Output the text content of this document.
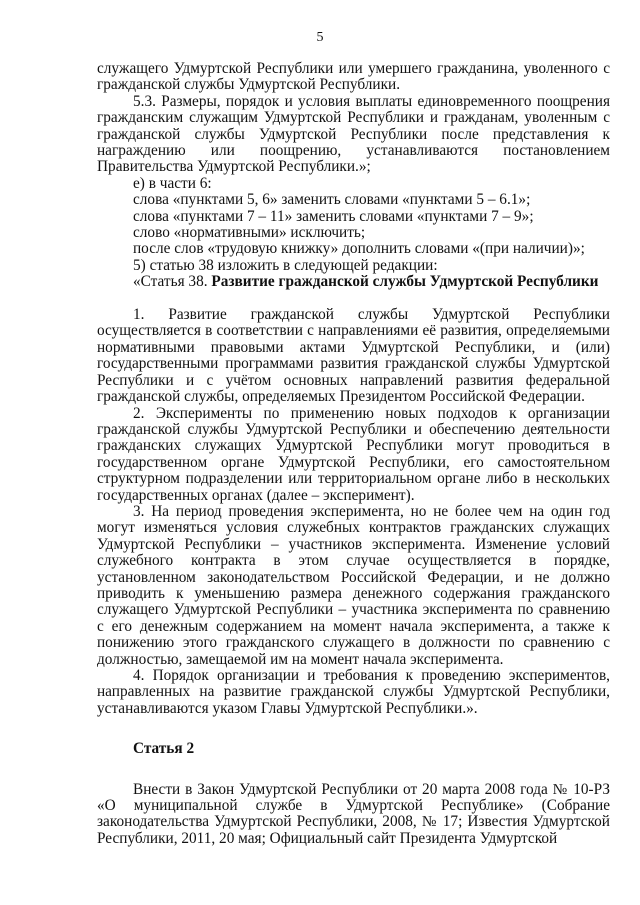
5

служащего Удмуртской Республики или умершего гражданина, уволенного с гражданской службы Удмуртской Республики.

5.3. Размеры, порядок и условия выплаты единовременного поощрения гражданским служащим Удмуртской Республики и гражданам, уволенным с гражданской службы Удмуртской Республики после представления к награждению или поощрению, устанавливаются постановлением Правительства Удмуртской Республики.»;

е) в части 6:

слова «пунктами 5, 6» заменить словами «пунктами 5 – 6.1»;

слова «пунктами 7 – 11» заменить словами «пунктами 7 – 9»;

слово «нормативными» исключить;

после слов «трудовую книжку» дополнить словами «(при наличии)»;

5) статью 38 изложить в следующей редакции:

«Статья 38. Развитие гражданской службы Удмуртской Республики

1. Развитие гражданской службы Удмуртской Республики осуществляется в соответствии с направлениями её развития, определяемыми нормативными правовыми актами Удмуртской Республики, и (или) государственными программами развития гражданской службы Удмуртской Республики и с учётом основных направлений развития федеральной гражданской службы, определяемых Президентом Российской Федерации.

2. Эксперименты по применению новых подходов к организации гражданской службы Удмуртской Республики и обеспечению деятельности гражданских служащих Удмуртской Республики могут проводиться в государственном органе Удмуртской Республики, его самостоятельном структурном подразделении или территориальном органе либо в нескольких государственных органах (далее – эксперимент).

3. На период проведения эксперимента, но не более чем на один год могут изменяться условия служебных контрактов гражданских служащих Удмуртской Республики – участников эксперимента. Изменение условий служебного контракта в этом случае осуществляется в порядке, установленном законодательством Российской Федерации, и не должно приводить к уменьшению размера денежного содержания гражданского служащего Удмуртской Республики – участника эксперимента по сравнению с его денежным содержанием на момент начала эксперимента, а также к понижению этого гражданского служащего в должности по сравнению с должностью, замещаемой им на момент начала эксперимента.

4. Порядок организации и требования к проведению экспериментов, направленных на развитие гражданской службы Удмуртской Республики, устанавливаются указом Главы Удмуртской Республики.».

Статья 2

Внести в Закон Удмуртской Республики от 20 марта 2008 года № 10-РЗ «О муниципальной службе в Удмуртской Республике» (Собрание законодательства Удмуртской Республики, 2008, № 17; Известия Удмуртской Республики, 2011, 20 мая; Официальный сайт Президента Удмуртской
